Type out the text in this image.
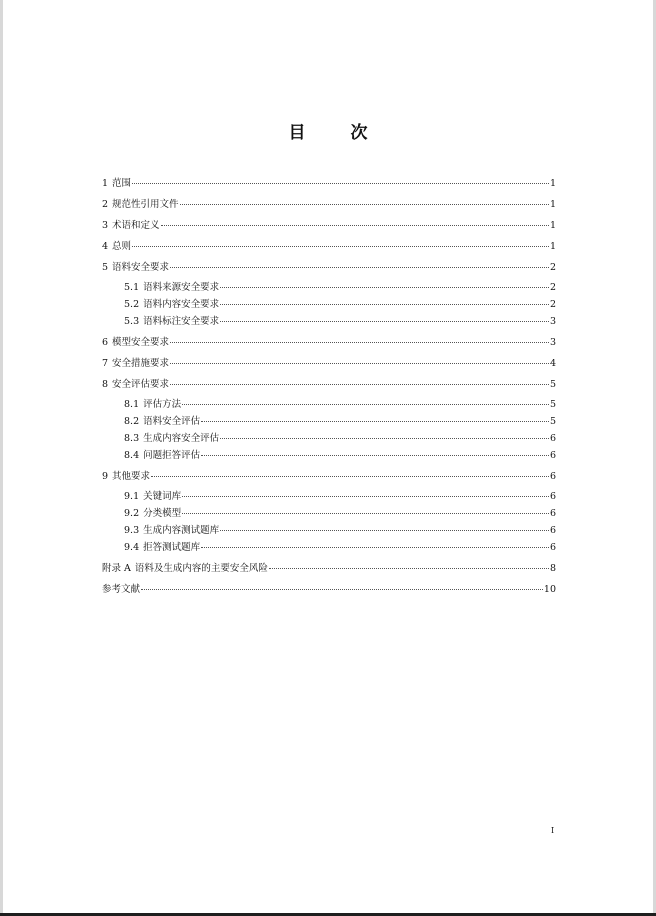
目　次
1 范围	1
2 规范性引用文件	1
3 术语和定义	1
4 总则	1
5 语料安全要求	2
5.1 语料来源安全要求	2
5.2 语料内容安全要求	2
5.3 语料标注安全要求	3
6 模型安全要求	3
7 安全措施要求	4
8 安全评估要求	5
8.1 评估方法	5
8.2 语料安全评估	5
8.3 生成内容安全评估	6
8.4 问题拒答评估	6
9 其他要求	6
9.1 关键词库	6
9.2 分类模型	6
9.3 生成内容测试题库	6
9.4 拒答测试题库	6
附录 A 语料及生成内容的主要安全风险	8
参考文献	10
I
